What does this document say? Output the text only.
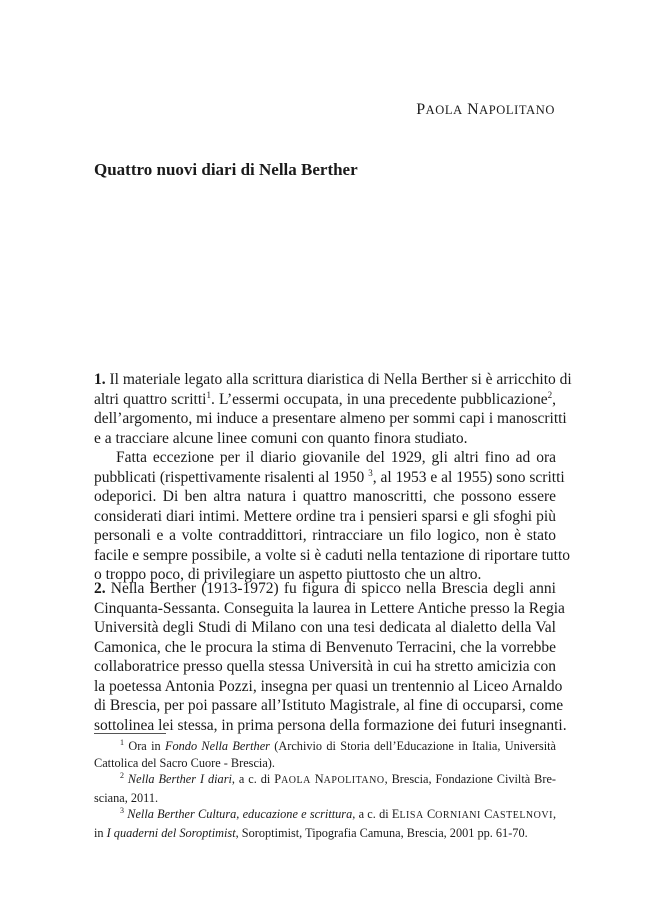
PAOLA NAPOLITANO
Quattro nuovi diari di Nella Berther
1. Il materiale legato alla scrittura diaristica di Nella Berther si è arricchito di
altri quattro scritti$^1$. L’essermi occupata, in una precedente pubblicazione$^2$,
dell’argomento, mi induce a presentare almeno per sommi capi i manoscritti
e a tracciare alcune linee comuni con quanto finora studiato.
Fatta eccezione per il diario giovanile del 1929, gli altri fino ad ora
pubblicati (rispettivamente risalenti al 1950 $^3$, al 1953 e al 1955) sono scritti
odeporici. Di ben altra natura i quattro manoscritti, che possono essere
considerati diari intimi. Mettere ordine tra i pensieri sparsi e gli sfoghi più
personali e a volte contraddittori, rintracciare un filo logico, non è stato
facile e sempre possibile, a volte si è caduti nella tentazione di riportare tutto
o troppo poco, di privilegiare un aspetto piuttosto che un altro.
2. Nella Berther (1913-1972) fu figura di spicco nella Brescia degli anni
Cinquanta-Sessanta. Conseguita la laurea in Lettere Antiche presso la Regia
Università degli Studi di Milano con una tesi dedicata al dialetto della Val
Camonica, che le procura la stima di Benvenuto Terracini, che la vorrebbe
collaboratrice presso quella stessa Università in cui ha stretto amicizia con
la poetessa Antonia Pozzi, insegna per quasi un trentennio al Liceo Arnaldo
di Brescia, per poi passare all’Istituto Magistrale, al fine di occuparsi, come
sottolinea lei stessa, in prima persona della formazione dei futuri insegnanti.
$^1$ Ora in Fondo Nella Berther (Archivio di Storia dell’Educazione in Italia, Università
Cattolica del Sacro Cuore - Brescia).
$^2$ Nella Berther I diari, a c. di PAOLA NAPOLITANO, Brescia, Fondazione Civiltà Bre-
sciana, 2011.
$^3$ Nella Berther Cultura, educazione e scrittura, a c. di ELISA CORNIANI CASTELNOVI,
in I quaderni del Soroptimist, Soroptimist, Tipografia Camuna, Brescia, 2001 pp. 61-70.
